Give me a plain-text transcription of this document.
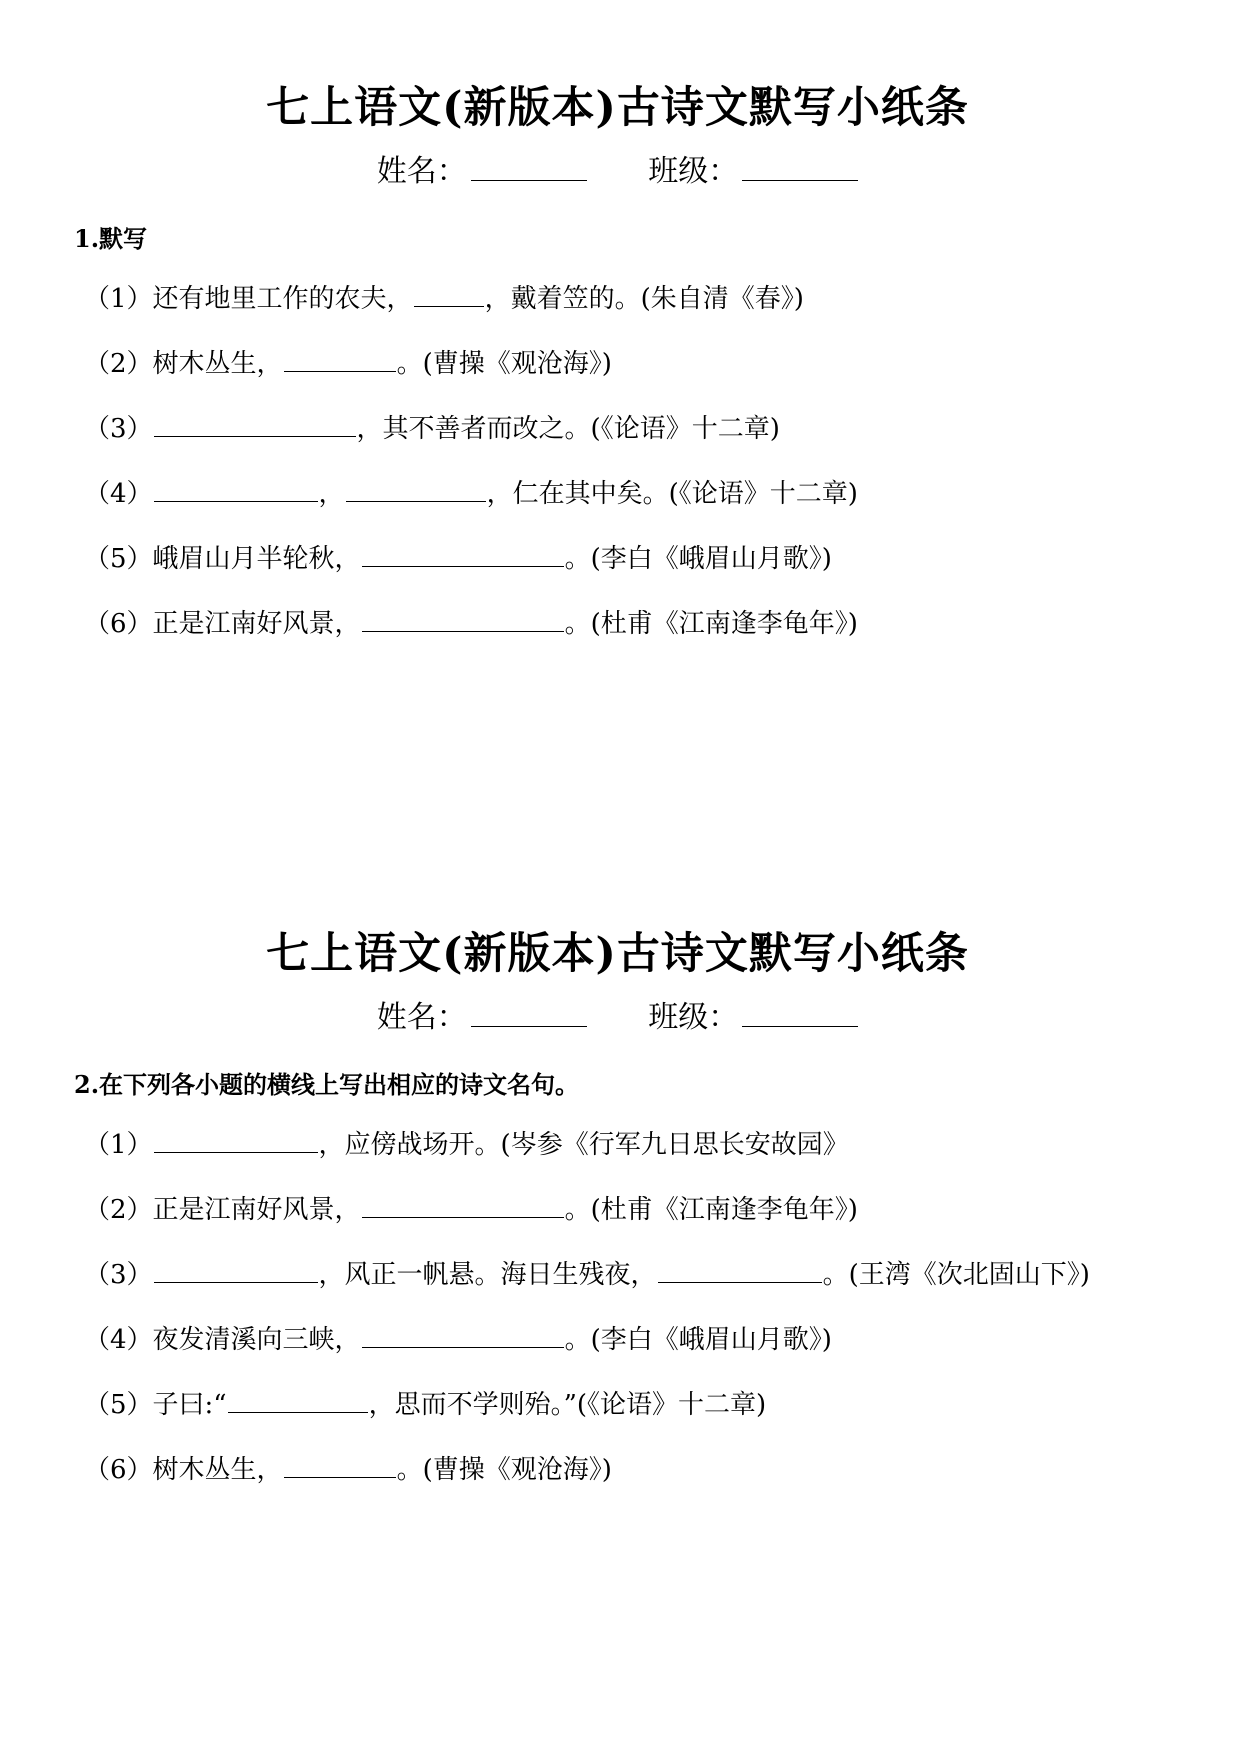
七上语文(新版本)古诗文默写小纸条
姓名：	班级：
1.默写
（1）还有地里工作的农夫，	，戴着笠的。(朱自清《春》)
（2）树木丛生，	。(曹操《观沧海》)
（3）	，其不善者而改之。(《论语》十二章)
（4）	，	，仁在其中矣。(《论语》十二章)
（5）峨眉山月半轮秋，	。(李白《峨眉山月歌》)
（6）正是江南好风景，	。(杜甫《江南逢李龟年》)
七上语文(新版本)古诗文默写小纸条
姓名：	班级：
2.在下列各小题的横线上写出相应的诗文名句。
（1）	，应傍战场开。(岑参《行军九日思长安故园》
（2）正是江南好风景，	。(杜甫《江南逢李龟年》)
（3）	，风正一帆悬。海日生残夜，	。(王湾《次北固山下》)
（4）夜发清溪向三峡，	。(李白《峨眉山月歌》)
（5）子曰:“	，思而不学则殆。”(《论语》十二章)
（6）树木丛生，	。(曹操《观沧海》)
